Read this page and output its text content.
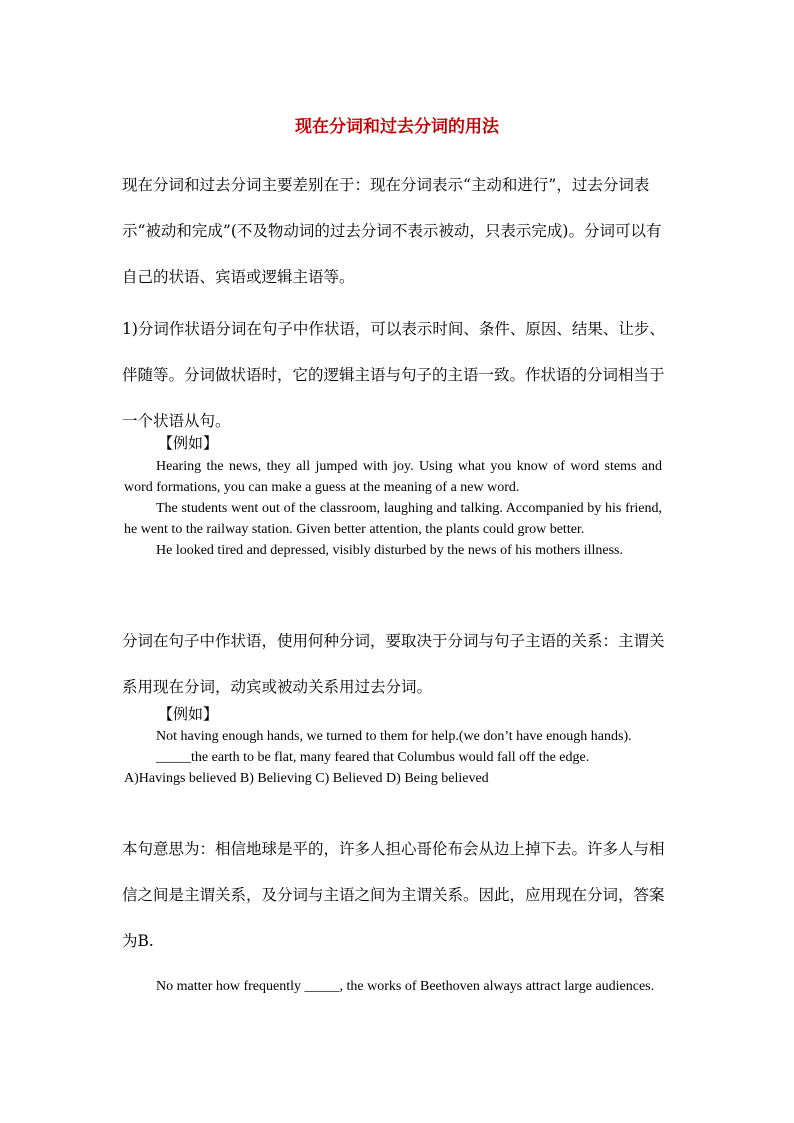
现在分词和过去分词的用法

现在分词和过去分词主要差别在于：现在分词表示“主动和进行”，过去分词表示“被动和完成”(不及物动词的过去分词不表示被动，只表示完成)。分词可以有自己的状语、宾语或逻辑主语等。

1)分词作状语分词在句子中作状语，可以表示时间、条件、原因、结果、让步、伴随等。分词做状语时，它的逻辑主语与句子的主语一致。作状语的分词相当于一个状语从句。

【例如】

Hearing the news, they all jumped with joy. Using what you know of word stems and word formations, you can make a guess at the meaning of a new word.
The students went out of the classroom, laughing and talking. Accompanied by his friend, he went to the railway station. Given better attention, the plants could grow better.
He looked tired and depressed, visibly disturbed by the news of his mothers illness.

分词在句子中作状语，使用何种分词，要取决于分词与句子主语的关系：主谓关系用现在分词，动宾或被动关系用过去分词。

【例如】

Not having enough hands, we turned to them for help.(we don’t have enough hands).
_____the earth to be flat, many feared that Columbus would fall off the edge.
A)Havings believed B) Believing C) Believed D) Being believed

本句意思为：相信地球是平的，许多人担心哥伦布会从边上掉下去。许多人与相信之间是主谓关系，及分词与主语之间为主谓关系。因此，应用现在分词，答案为B.

No matter how frequently _____, the works of Beethoven always attract large audiences.
